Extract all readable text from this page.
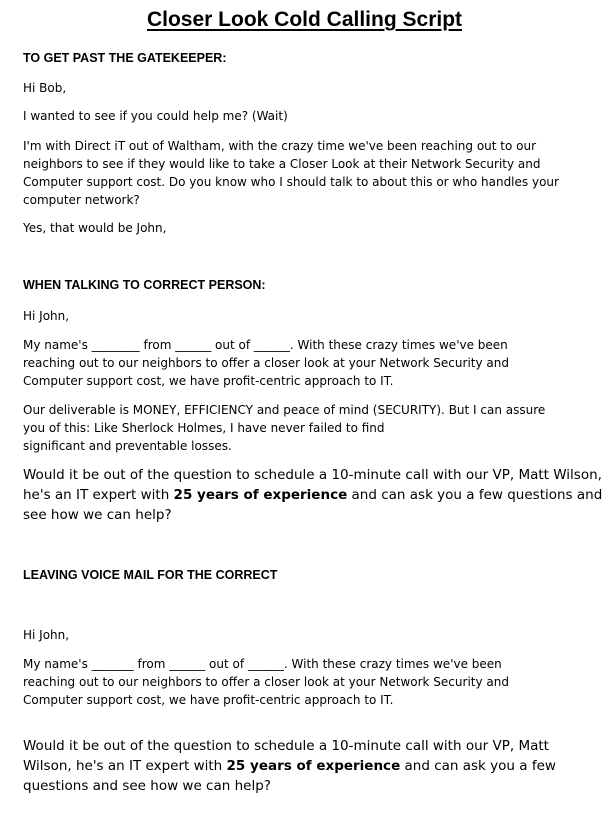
Closer Look Cold Calling Script

TO GET PAST THE GATEKEEPER:

Hi Bob,

I wanted to see if you could help me? (Wait)

I'm with Direct iT out of Waltham, with the crazy time we've been reaching out to our
neighbors to see if they would like to take a Closer Look at their Network Security and
Computer support cost. Do you know who I should talk to about this or who handles your
computer network?

Yes, that would be John,

WHEN TALKING TO CORRECT PERSON:

Hi John,

My name's ________ from ______ out of ______. With these crazy times we've been
reaching out to our neighbors to offer a closer look at your Network Security and
Computer support cost, we have profit-centric approach to IT.

Our deliverable is MONEY, EFFICIENCY and peace of mind (SECURITY). But I can assure
you of this: Like Sherlock Holmes, I have never failed to find
significant and preventable losses.

Would it be out of the question to schedule a 10-minute call with our VP, Matt Wilson,
he's an IT expert with 25 years of experience and can ask you a few questions and
see how we can help?

LEAVING VOICE MAIL FOR THE CORRECT

Hi John,

My name's _______ from ______ out of ______. With these crazy times we've been
reaching out to our neighbors to offer a closer look at your Network Security and
Computer support cost, we have profit-centric approach to IT.

Would it be out of the question to schedule a 10-minute call with our VP, Matt
Wilson, he's an IT expert with 25 years of experience and can ask you a few
questions and see how we can help?
